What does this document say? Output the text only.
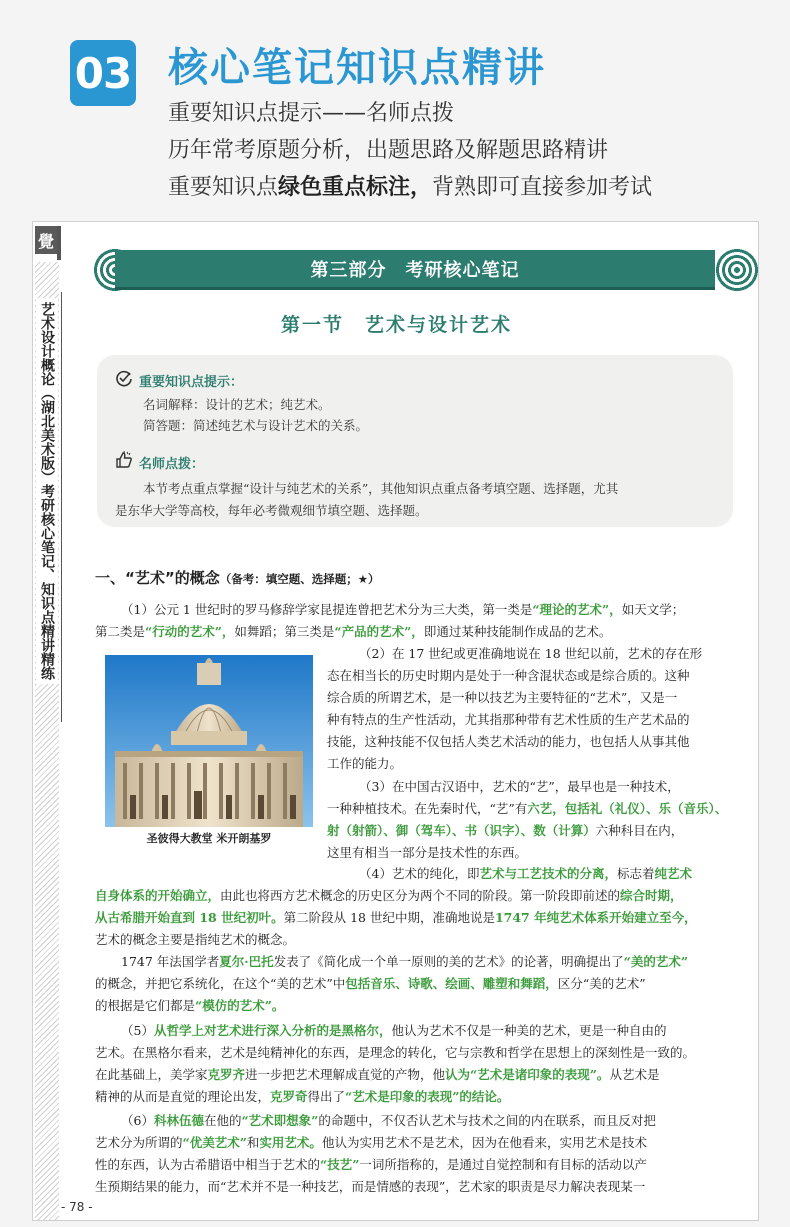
03 核心笔记知识点精讲
重要知识点提示——名师点拨
历年常考原题分析，出题思路及解题思路精讲
重要知识点绿色重点标注，背熟即可直接参加考试
覺
艺术设计概论（湖北美术版）考研核心笔记、知识点精讲精练
第三部分　考研核心笔记
第一节　艺术与设计艺术
重要知识点提示：
名词解释：设计的艺术；纯艺术。
简答题：简述纯艺术与设计艺术的关系。
名师点拨：
本节考点重点掌握“设计与纯艺术的关系”，其他知识点重点备考填空题、选择题，尤其
是东华大学等高校，每年必考微观细节填空题、选择题。
一、“艺术”的概念（备考：填空题、选择题；★）
（1）公元 1 世纪时的罗马修辞学家昆提连曾把艺术分为三大类，第一类是“理论的艺术”，如天文学；
第二类是“行动的艺术”，如舞蹈；第三类是“产品的艺术”，即通过某种技能制作成品的艺术。
圣彼得大教堂 米开朗基罗
（2）在 17 世纪或更准确地说在 18 世纪以前，艺术的存在形
态在相当长的历史时期内是处于一种含混状态或是综合质的。这种
综合质的所谓艺术，是一种以技艺为主要特征的“艺术”，又是一
种有特点的生产性活动，尤其指那种带有艺术性质的生产艺术品的
技能，这种技能不仅包括人类艺术活动的能力，也包括人从事其他
工作的能力。
（3）在中国古汉语中，艺术的“艺”，最早也是一种技术，
一种种植技术。在先秦时代，“艺”有六艺，包括礼（礼仪）、乐（音乐）、
射（射箭）、御（驾车）、书（识字）、数（计算）六种科目在内，
这里有相当一部分是技术性的东西。
（4）艺术的纯化，即艺术与工艺技术的分离，标志着纯艺术
自身体系的开始确立，由此也将西方艺术概念的历史区分为两个不同的阶段。第一阶段即前述的综合时期，
从古希腊开始直到 18 世纪初叶。第二阶段从 18 世纪中期，准确地说是1747 年纯艺术体系开始建立至今，
艺术的概念主要是指纯艺术的概念。
1747 年法国学者夏尔·巴托发表了《简化成一个单一原则的美的艺术》的论著，明确提出了“美的艺术”
的概念，并把它系统化，在这个“美的艺术”中包括音乐、诗歌、绘画、雕塑和舞蹈，区分“美的艺术”
的根据是它们都是“模仿的艺术”。
（5）从哲学上对艺术进行深入分析的是黑格尔，他认为艺术不仅是一种美的艺术，更是一种自由的
艺术。在黑格尔看来，艺术是纯精神化的东西，是理念的转化，它与宗教和哲学在思想上的深刻性是一致的。
在此基础上，美学家克罗齐进一步把艺术理解成直觉的产物，他认为“艺术是诸印象的表现”。从艺术是
精神的从而是直觉的理论出发，克罗奇得出了“艺术是印象的表现”的结论。
（6）科林伍德在他的“艺术即想象”的命题中，不仅否认艺术与技术之间的内在联系，而且反对把
艺术分为所谓的“优美艺术”和实用艺术。他认为实用艺术不是艺术，因为在他看来，实用艺术是技术
性的东西，认为古希腊语中相当于艺术的“技艺”一词所指称的，是通过自觉控制和有目标的活动以产
生预期结果的能力，而“艺术并不是一种技艺，而是情感的表现”，艺术家的职责是尽力解决表现某一
- 78 -
